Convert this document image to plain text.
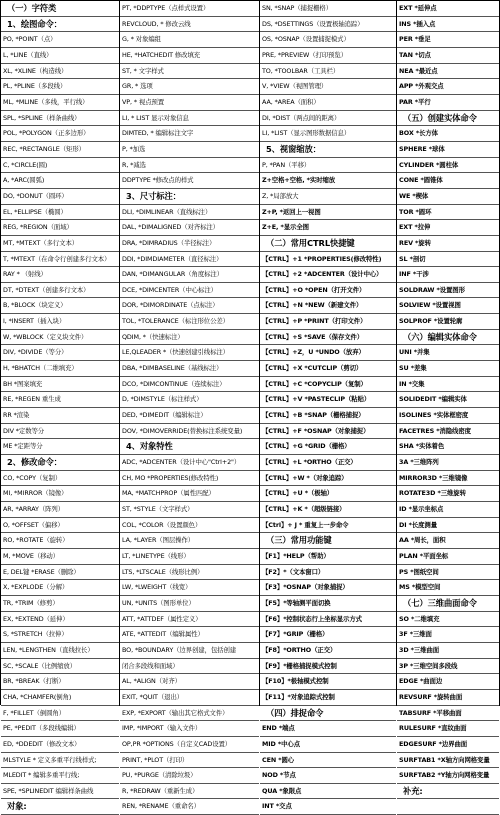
（一）字符类
1、绘图命令：
PO, *POINT（点）
L, *LINE（直线）
XL, *XLINE（构造线）
PL, *PLINE（多段线）
ML, *MLINE（多线，平行线）
SPL, *SPLINE（样条曲线）
POL, *POLYGON（正多边形）
REC, *RECTANGLE（矩形）
C, *CIRCLE(圆)
A, *ARC(圆弧)
DO, *DONUT（圆环）
EL, *ELLIPSE（椭圆）
REG, *REGION（面域）
MT, *MTEXT（多行文本）
T, *MTEXT（在命令行创建多行文本）
RAY * （射线）
DT, *DTEXT（创建多行文本）
B, *BLOCK（块定义）
I, *INSERT（插入块）
W, *WBLOCK（定义块文件）
DIV, *DIVIDE（等分）
H, *BHATCH（二维填充）
BH *图案填充
RE, *REGEN 重生成
RR *渲染
DIV *定数等分
ME *定距等分
2、修改命令：
CO, *COPY（复制）
MI, *MIRROR（镜像）
AR, *ARRAY（阵列）
O, *OFFSET（偏移）
RO, *ROTATE（旋转）
M, *MOVE（移动）
E, DEL键 *ERASE（删除）
X, *EXPLODE（分解）
TR, *TRIM（修剪）
EX, *EXTEND（延伸）
S, *STRETCH（拉伸）
LEN, *LENGTHEN（直线拉长）
SC, *SCALE（比例缩放）
BR, *BREAK（打断）
CHA, *CHAMFER(倒角)
F, *FILLET（倒圆角）
PE, *PEDIT（多段线编辑）
ED, *DDEDIT（修改文本）
MLSTYLE * 定义多重平行线样式;
MLEDIT * 编辑多重平行线;
SPE, *SPLINEDIT 编辑样条曲线
对象:
PT, *DDPTYPE（点样式设置）
REVCLOUD, * 修改云线
G, * 对象编组
HE, *HATCHEDIT 修改填充
ST, * 文字样式
GR, * 选项
VP, * 视点预置
LI, * LIST 显示对象信息
DIMTED, * 编辑标注文字
P, *加选
R, *减选
DDPTYPE *修改点的样式
3、尺寸标注：
DLI, *DIMLINEAR（直线标注）
DAL, *DIMALIGNED（对齐标注）
DRA, *DIMRADIUS（半径标注）
DDI, *DIMDIAMETER（直径标注）
DAN, *DIMANGULAR（角度标注）
DCE, *DIMCENTER（中心标注）
DOR, *DIMORDINATE（点标注）
TOL, *TOLERANCE（标注形位公差）
QDIM, *（快速标注）
LE,QLEADER *（快速创建引线标注）
DBA, *DIMBASELINE（基线标注）
DCO, *DIMCONTINUE（连续标注）
D, *DIMSTYLE（标注样式）
DED, *DIMEDIT（编辑标注）
DOV, *DIMOVERRIDE(替换标注系统变量)
4、对象特性
ADC, *ADCENTER（设计中心"Ctrl+2"）
CH, MO *PROPERTIES(修改特性)
MA, *MATCHPROP（属性匹配）
ST, *STYLE（文字样式）
COL, *COLOR（设置颜色）
LA, *LAYER（图层操作）
LT, *LINETYPE（线形）
LTS, *LTSCALE（线形比例）
LW, *LWEIGHT（线宽）
UN, *UNITS（图形单位）
ATT, *ATTDEF（属性定义）
ATE, *ATTEDIT（编辑属性）
BO, *BOUNDARY（边界创建，包括创建
闭合多段线和面域）
AL, *ALIGN（对齐）
EXIT, *QUIT（退出）
EXP, *EXPORT（输出其它格式文件）
IMP, *IMPORT（输入文件）
OP,PR *OPTIONS（自定义CAD设置）
PRINT, *PLOT（打印）
PU, *PURGE（清除垃圾）
R, *REDRAW（重新生成）
REN, *RENAME（重命名）
SN, *SNAP（捕捉栅格）
DS, *DSETTINGS（设置极轴追踪）
OS, *OSNAP（设置捕捉模式）
PRE, *PREVIEW（打印预览）
TO, *TOOLBAR（工具栏）
V, *VIEW（视图管理）
AA, *AREA（面积）
DI, *DIST（两点间的距离）
LI, *LIST（显示图形数据信息）
5、视窗缩放：
P, *PAN（平移）
Z+空格+空格, *实时缩放
Z, *局部放大
Z+P, *返回上一视图
Z+E, *显示全图
（二）常用CTRL快捷键
【CTRL】+1 *PROPERTIES(修改特性)
【CTRL】+2 *ADCENTER（设计中心）
【CTRL】+O *OPEN（打开文件）
【CTRL】+N *NEW（新建文件）
【CTRL】+P *PRINT（打印文件）
【CTRL】+S *SAVE（保存文件）
【CTRL】+Z，U *UNDO（放弃）
【CTRL】+X *CUTCLIP（剪切）
【CTRL】+C *COPYCLIP（复制）
【CTRL】+V *PASTECLIP（粘贴）
【CTRL】+B *SNAP（栅格捕捉）
【CTRL】+F *OSNAP（对象捕捉）
【CTRL】+G *GRID（栅格）
【CTRL】+L *ORTHO（正交）
【CTRL】+W *（对象追踪）
【CTRL】+U *（极轴）
【CTRL】+K *（超级链接）
【Ctrl】+ J * 重复上一步命令
（三）常用功能键
【F1】*HELP（帮助）
【F2】*（文本窗口）
【F3】*OSNAP（对象捕捉）
【F5】*等轴测平面切换
【F6】*控制状态行上坐标显示方式
【F7】*GRIP（栅格）
【F8】*ORTHO（正交）
【F9】*栅格捕捉模式控制
【F10】*极轴模式控制
【F11】*对象追踪式控制
（四）排捉命令
END *端点
MID *中心点
CEN *圆心
NOD *节点
QUA *象限点
INT *交点
EXT *延伸点
INS *插入点
PER *垂足
TAN *切点
NEA *最近点
APP *外观交点
PAR *平行
（五）创建实体命令
BOX *长方体
SPHERE *球体
CYLINDER *圆柱体
CONE *圆锥体
WE *楔体
TOR *圆环
EXT *拉伸
REV *旋转
SL *剖切
INF *干涉
SOLDRAW *设置图形
SOLVIEW *设置视图
SOLPROF *设置轮廓
（六）编辑实体命令
UNI *并集
SU *差集
IN *交集
SOLIDEDIT *编辑实体
ISOLINES *实体框密度
FACETRES *消隐线密度
SHA *实体着色
3A *三维阵列
MIRROR3D *三维镜像
ROTATE3D *三维旋转
ID *显示坐标点
DI *长度测量
AA *周长，面积
PLAN *平面坐标
PS *图纸空间
MS *模型空间
（七）三维曲面命令
SO *二维填充
3F *三维面
3D *三维曲面
3P *三维空间多段线
EDGE *曲面边
REVSURF *旋转曲面
TABSURF *平移曲面
RULESURF *直纹曲面
EDGESURF *边界曲面
SURFTAB1 *X轴方向网格变量
SURFTAB2 *Y轴方向网格变量
补充:
